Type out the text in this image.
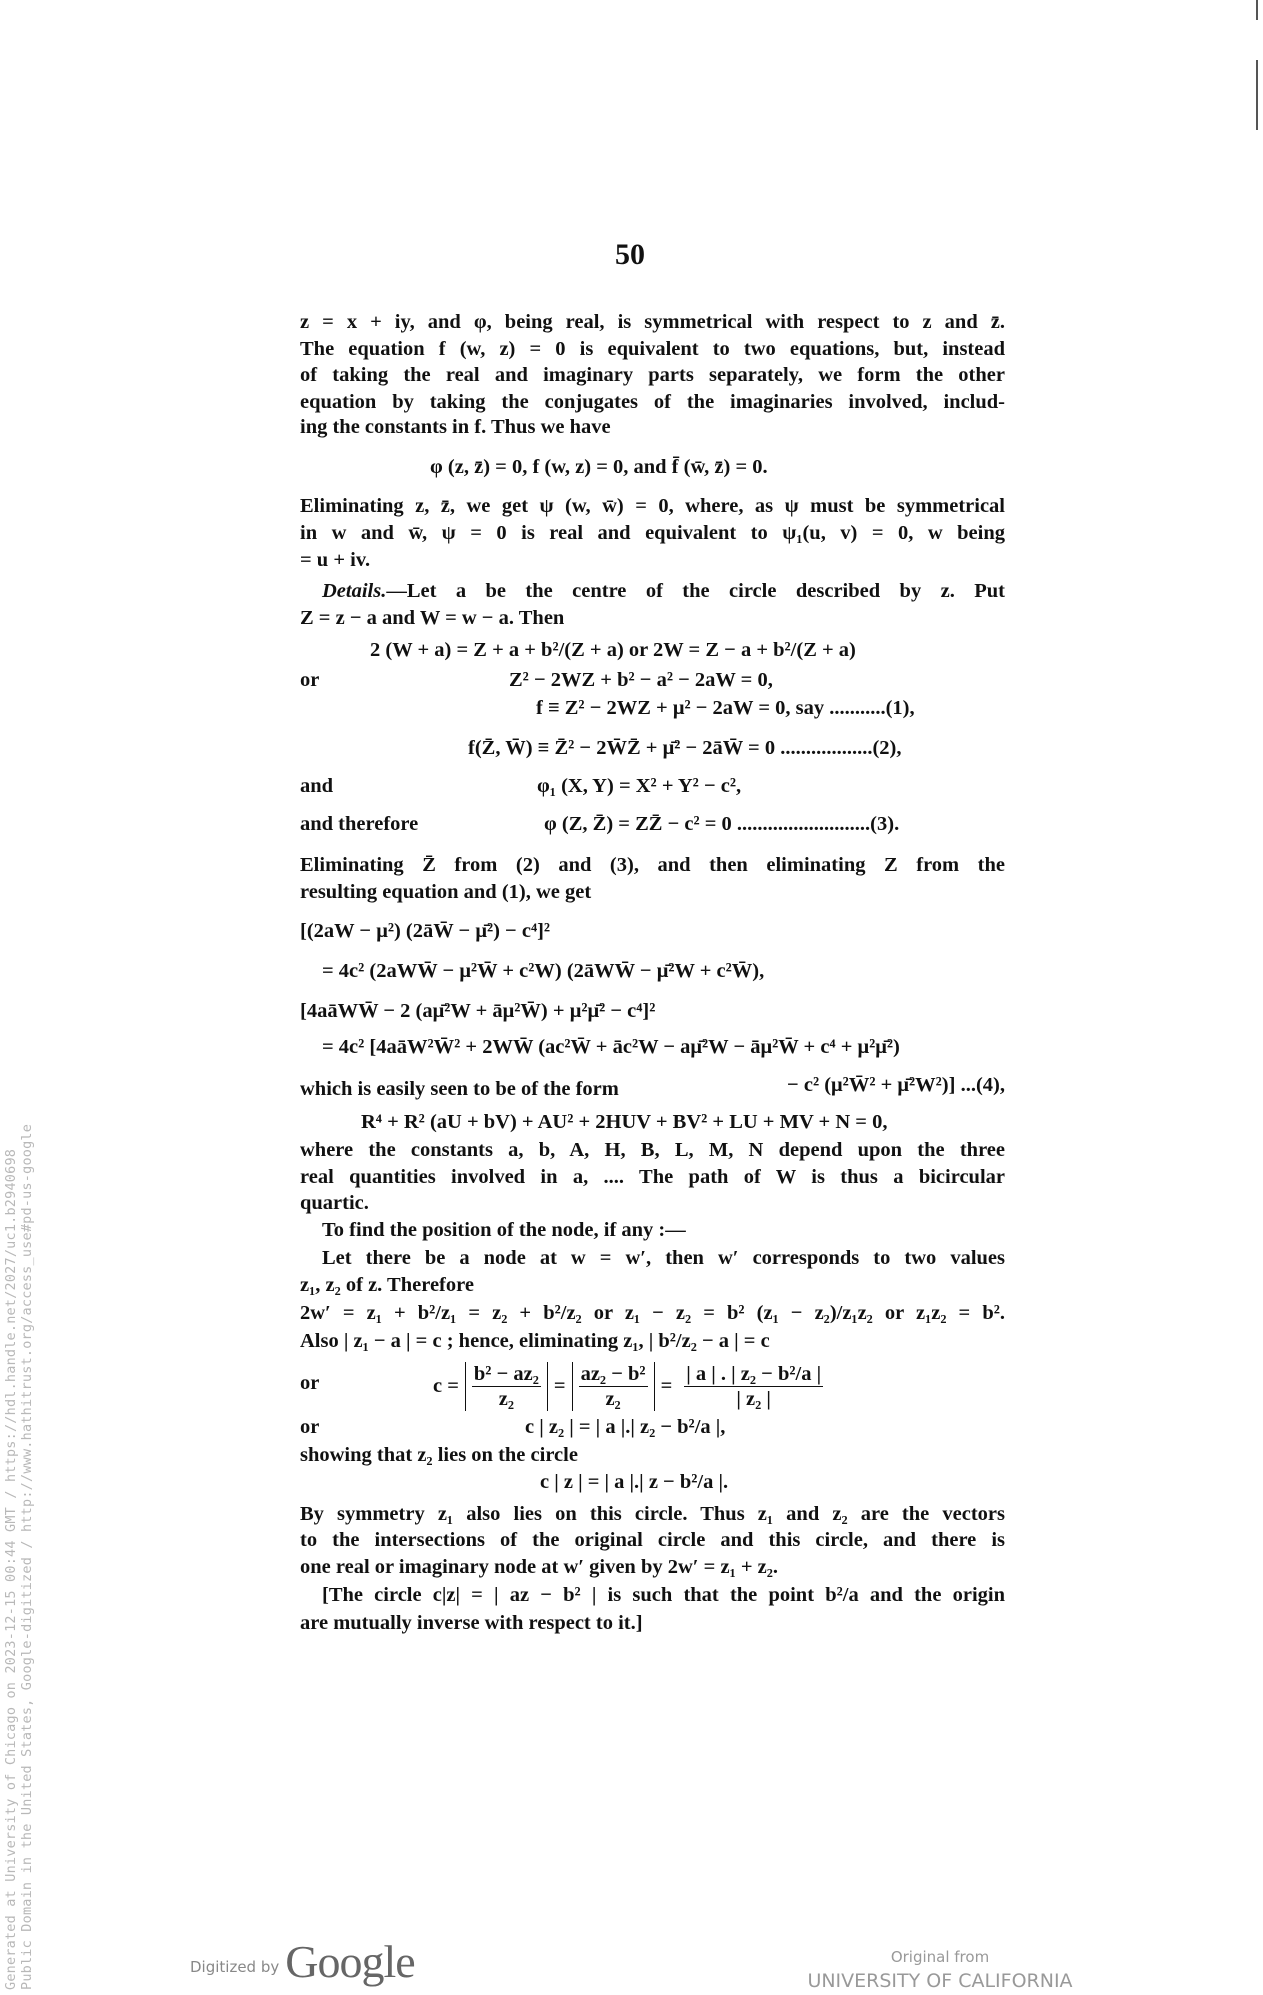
50
z = x + iy, and φ, being real, is symmetrical with respect to z and z̄.
The equation f (w, z) = 0 is equivalent to two equations, but, instead
of taking the real and imaginary parts separately, we form the other
equation by taking the conjugates of the imaginaries involved, includ-
ing the constants in f. Thus we have
φ (z, z̄) = 0, f (w, z) = 0, and f̄ (w̄, z̄) = 0.
Eliminating z, z̄, we get ψ (w, w̄) = 0, where, as ψ must be symmetrical
in w and w̄, ψ = 0 is real and equivalent to ψ₁(u, v) = 0, w being
= u + iv.
Details. —Let a be the centre of the circle described by z. Put
Z = z − a and W = w − a. Then
2 (W + a) = Z + a + b²/(Z + a) or 2W = Z − a + b²/(Z + a)
or	Z² − 2WZ + b² − a² − 2aW = 0,
f ≡ Z² − 2WZ + μ² − 2aW = 0, say ...........(1),
f(Z̄, W̄) ≡ Z̄² − 2W̄Z̄ + μ̄² − 2āW̄ = 0 ..................(2),
and	φ₁ (X, Y) = X² + Y² − c²,
and therefore	φ (Z, Z̄) = ZZ̄ − c² = 0 ..........................(3).
Eliminating Z̄ from (2) and (3), and then eliminating Z from the
resulting equation and (1), we get
[(2aW − μ²) (2āW̄ − μ̄²) − c⁴]²
= 4c² (2aWW̄ − μ²W̄ + c²W) (2āWW̄ − μ̄²W + c²W̄),
[4aāWW̄ − 2 (aμ̄²W + āμ²W̄) + μ²μ̄² − c⁴]²
= 4c² [4aāW²W̄² + 2WW̄ (ac²W̄ + āc²W − aμ̄²W − āμ²W̄ + c⁴ + μ²μ̄²)
which is easily seen to be of the form	− c² (μ²W̄² + μ̄²W²)] ...(4),
R⁴ + R² (aU + bV) + AU² + 2HUV + BV² + LU + MV + N = 0,
where the constants a, b, A, H, B, L, M, N depend upon the three
real quantities involved in a, .... The path of W is thus a bicircular
quartic.
To find the position of the node, if any :—
Let there be a node at w = w′, then w′ corresponds to two values
z₁, z₂ of z. Therefore
2w′ = z₁ + b²/z₁ = z₂ + b²/z₂ or z₁ − z₂ = b² (z₁ − z₂)/z₁z₂ or z₁z₂ = b².
Also | z₁ − a | = c ; hence, eliminating z₁, | b²/z₂ − a | = c
or	$c = \frac{\text{b² − az₂}}{\text{z₂}} = \frac{\text{az₂ − b²}}{\text{z₂}} = \frac{\text{| a | . | z₂ − b²/a |}}{\text{| z₂ |}}$
or	c | z₂ | = | a |.| z₂ − b²/a |,
showing that z₂ lies on the circle
c | z | = | a |.| z − b²/a |.
By symmetry z₁ also lies on this circle. Thus z₁ and z₂ are the vectors
to the intersections of the original circle and this circle, and there is
one real or imaginary node at w′ given by 2w′ = z₁ + z₂.
[The circle c|z| = | az − b² | is such that the point b²/a and the origin
are mutually inverse with respect to it.]
Generated at University of Chicago on 2023-12-15 00:44 GMT / https://hdl.handle.net/2027/uc1.b2940698 Public Domain in the United States, Google-digitized / http://www.hathitrust.org/access_use#pd-us-google	Digitized by Google	Original from
UNIVERSITY OF CALIFORNIA
